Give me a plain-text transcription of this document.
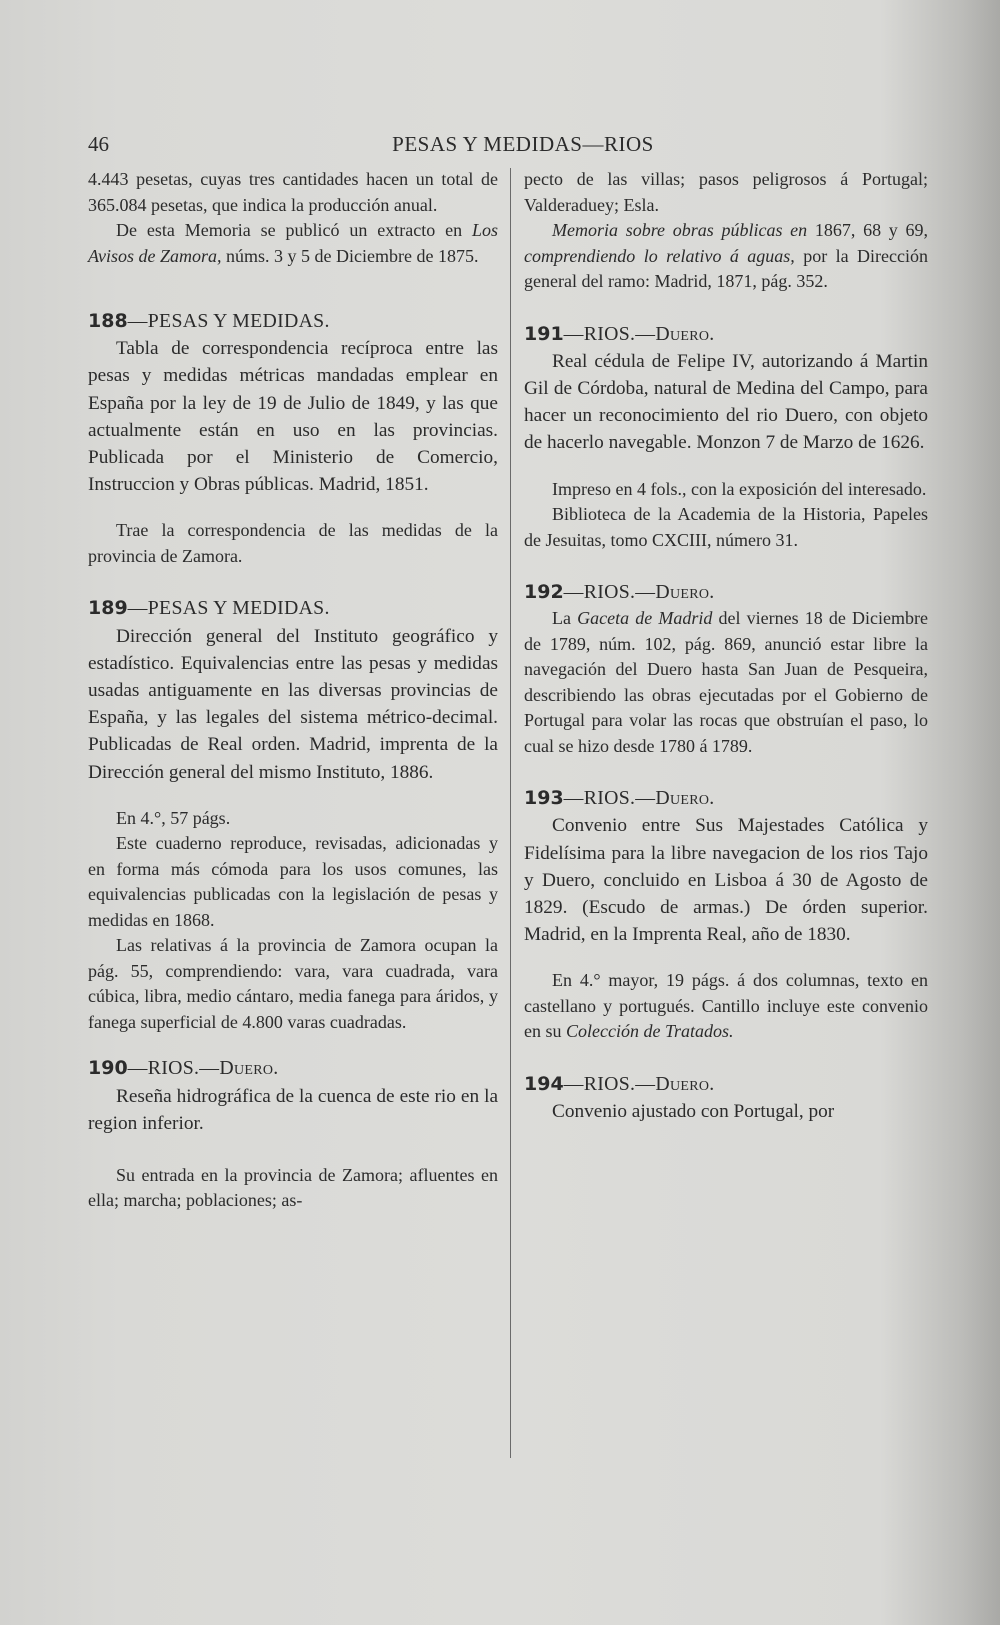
46	PESAS Y MEDIDAS—RIOS

4.443 pesetas, cuyas tres cantidades hacen un total de 365.084 pesetas, que indica la producción anual.

De esta Memoria se publicó un extracto en Los Avisos de Zamora, núms. 3 y 5 de Diciembre de 1875.

188—PESAS Y MEDIDAS.

Tabla de correspondencia recíproca entre las pesas y medidas métricas mandadas emplear en España por la ley de 19 de Julio de 1849, y las que actualmente están en uso en las provincias. Publicada por el Ministerio de Comercio, Instruccion y Obras públicas. Madrid, 1851.

Trae la correspondencia de las medidas de la provincia de Zamora.

189—PESAS Y MEDIDAS.

Dirección general del Instituto geográfico y estadístico. Equivalencias entre las pesas y medidas usadas antiguamente en las diversas provincias de España, y las legales del sistema métrico-decimal. Publicadas de Real orden. Madrid, imprenta de la Dirección general del mismo Instituto, 1886.

En 4.°, 57 págs.

Este cuaderno reproduce, revisadas, adicionadas y en forma más cómoda para los usos comunes, las equivalencias publicadas con la legislación de pesas y medidas en 1868.

Las relativas á la provincia de Zamora ocupan la pág. 55, comprendiendo: vara, vara cuadrada, vara cúbica, libra, medio cántaro, media fanega para áridos, y fanega superficial de 4.800 varas cuadradas.

190—RIOS.—Duero.

Reseña hidrográfica de la cuenca de este rio en la region inferior.

Su entrada en la provincia de Zamora; afluentes en ella; marcha; poblaciones; as-

pecto de las villas; pasos peligrosos á Portugal; Valderaduey; Esla.

Memoria sobre obras públicas en 1867, 68 y 69, comprendiendo lo relativo á aguas, por la Dirección general del ramo: Madrid, 1871, pág. 352.

191—RIOS.—Duero.

Real cédula de Felipe IV, autorizando á Martin Gil de Córdoba, natural de Medina del Campo, para hacer un reconocimiento del rio Duero, con objeto de hacerlo navegable. Monzon 7 de Marzo de 1626.

Impreso en 4 fols., con la exposición del interesado.

Biblioteca de la Academia de la Historia, Papeles de Jesuitas, tomo CXCIII, número 31.

192—RIOS.—Duero.

La Gaceta de Madrid del viernes 18 de Diciembre de 1789, núm. 102, pág. 869, anunció estar libre la navegación del Duero hasta San Juan de Pesqueira, describiendo las obras ejecutadas por el Gobierno de Portugal para volar las rocas que obstruían el paso, lo cual se hizo desde 1780 á 1789.

193—RIOS.—Duero.

Convenio entre Sus Majestades Católica y Fidelísima para la libre navegacion de los rios Tajo y Duero, concluido en Lisboa á 30 de Agosto de 1829. (Escudo de armas.) De órden superior. Madrid, en la Imprenta Real, año de 1830.

En 4.° mayor, 19 págs. á dos columnas, texto en castellano y portugués. Cantillo incluye este convenio en su Colección de Tratados.

194—RIOS.—Duero.

Convenio ajustado con Portugal, por
